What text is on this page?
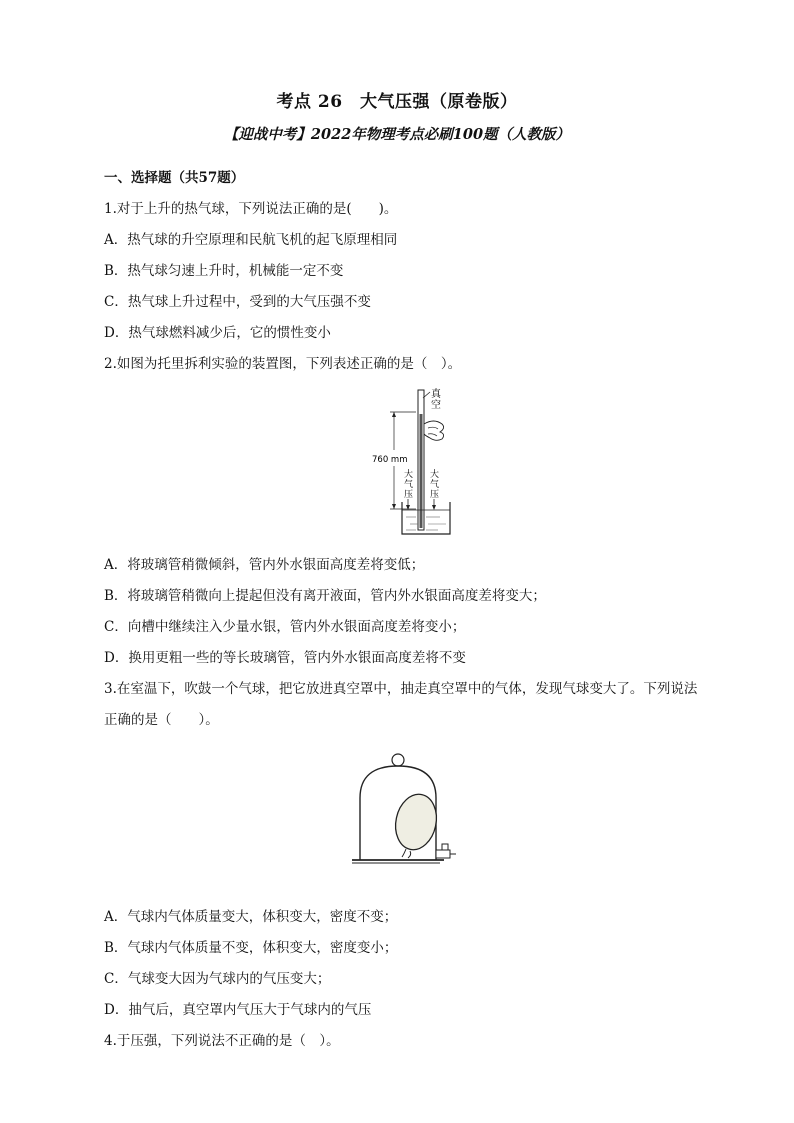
考点 26　大气压强（原卷版）
【迎战中考】2022年物理考点必刷100题（人教版）
一、选择题（共57题）
1.对于上升的热气球，下列说法正确的是(　　)。
A．热气球的升空原理和民航飞机的起飞原理相同
B．热气球匀速上升时，机械能一定不变
C．热气球上升过程中，受到的大气压强不变
D．热气球燃料减少后，它的惯性变小
2.如图为托里拆利实验的装置图，下列表述正确的是（　）。
真
空
760 mm
大
气
压
大
气
压
A．将玻璃管稍微倾斜，管内外水银面高度差将变低；
B．将玻璃管稍微向上提起但没有离开液面，管内外水银面高度差将变大；
C．向槽中继续注入少量水银，管内外水银面高度差将变小；
D．换用更粗一些的等长玻璃管，管内外水银面高度差将不变
3.在室温下，吹鼓一个气球，把它放进真空罩中，抽走真空罩中的气体，发现气球变大了。下列说法
正确的是（　　）。
A．气球内气体质量变大，体积变大，密度不变；
B．气球内气体质量不变，体积变大，密度变小；
C．气球变大因为气球内的气压变大；
D．抽气后，真空罩内气压大于气球内的气压
4.于压强，下列说法不正确的是（　）。
